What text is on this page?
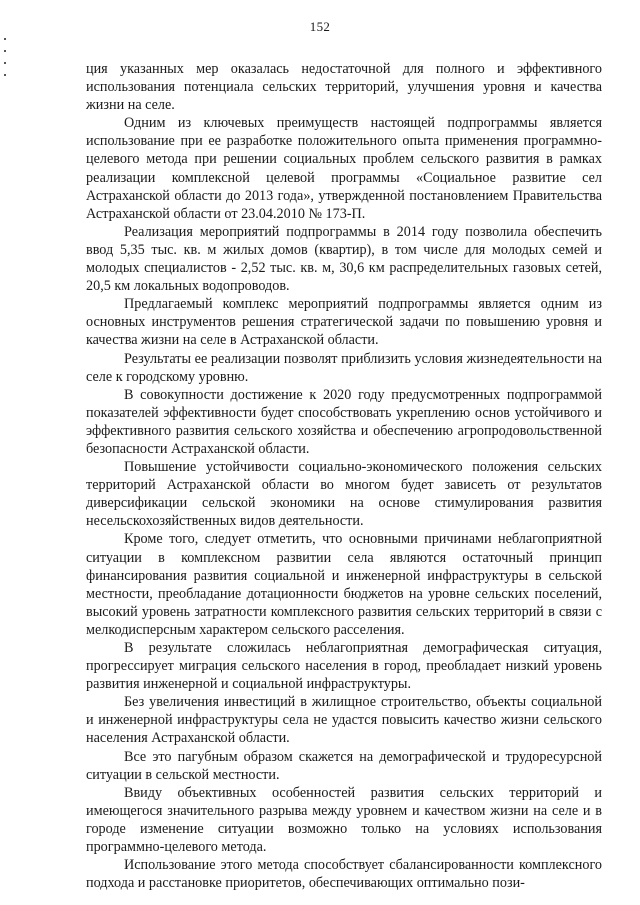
152

ция указанных мер оказалась недостаточной для полного и эффективного использования потенциала сельских территорий, улучшения уровня и качества жизни на селе.

Одним из ключевых преимуществ настоящей подпрограммы является использование при ее разработке положительного опыта применения программно-целевого метода при решении социальных проблем сельского развития в рамках реализации комплексной целевой программы «Социальное развитие сел Астраханской области до 2013 года», утвержденной постановлением Правительства Астраханской области от 23.04.2010 № 173-П.

Реализация мероприятий подпрограммы в 2014 году позволила обеспечить ввод 5,35 тыс. кв. м жилых домов (квартир), в том числе для молодых семей и молодых специалистов - 2,52 тыс. кв. м, 30,6 км распределительных газовых сетей, 20,5 км локальных водопроводов.

Предлагаемый комплекс мероприятий подпрограммы является одним из основных инструментов решения стратегической задачи по повышению уровня и качества жизни на селе в Астраханской области.

Результаты ее реализации позволят приблизить условия жизнедеятельности на селе к городскому уровню.

В совокупности достижение к 2020 году предусмотренных подпрограммой показателей эффективности будет способствовать укреплению основ устойчивого и эффективного развития сельского хозяйства и обеспечению агропродовольственной безопасности Астраханской области.

Повышение устойчивости социально-экономического положения сельских территорий Астраханской области во многом будет зависеть от результатов диверсификации сельской экономики на основе стимулирования развития несельскохозяйственных видов деятельности.

Кроме того, следует отметить, что основными причинами неблагоприятной ситуации в комплексном развитии села являются остаточный принцип финансирования развития социальной и инженерной инфраструктуры в сельской местности, преобладание дотационности бюджетов на уровне сельских поселений, высокий уровень затратности комплексного развития сельских территорий в связи с мелкодисперсным характером сельского расселения.

В результате сложилась неблагоприятная демографическая ситуация, прогрессирует миграция сельского населения в город, преобладает низкий уровень развития инженерной и социальной инфраструктуры.

Без увеличения инвестиций в жилищное строительство, объекты социальной и инженерной инфраструктуры села не удастся повысить качество жизни сельского населения Астраханской области.

Все это пагубным образом скажется на демографической и трудоресурсной ситуации в сельской местности.

Ввиду объективных особенностей развития сельских территорий и имеющегося значительного разрыва между уровнем и качеством жизни на селе и в городе изменение ситуации возможно только на условиях использования программно-целевого метода.

Использование этого метода способствует сбалансированности комплексного подхода и расстановке приоритетов, обеспечивающих оптимально пози-
